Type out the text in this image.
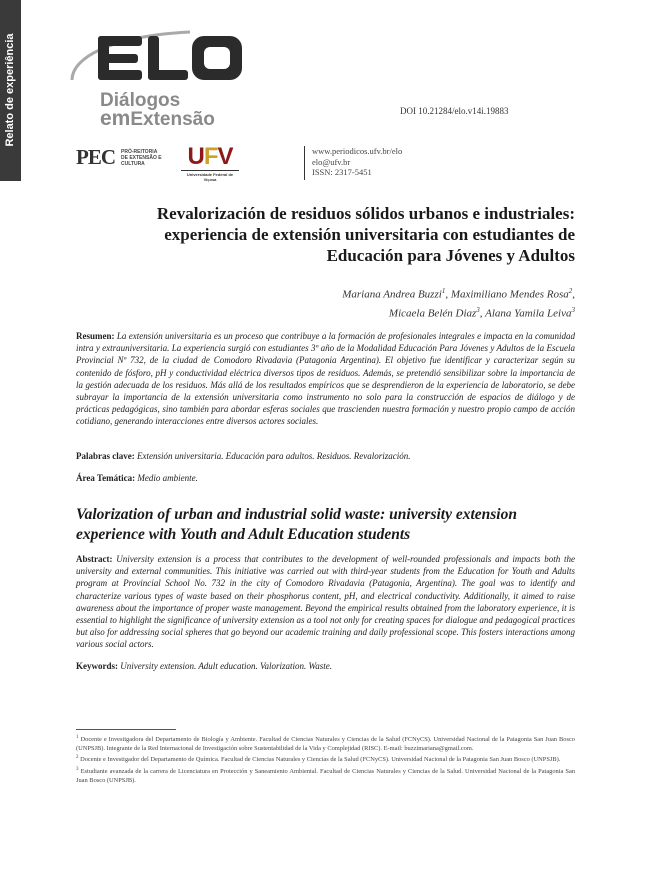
Relato de experiência	Diálogos
emExtensão	DOI 10.21284/elo.v14i.19883
PEC PRÓ-REITORIA DE EXTENSÃO E CULTURA	UFV
Universidade Federal de Viçosa
www.periodicos.ufv.br/elo
elo@ufv.br
ISSN: 2317-5451
Revalorización de residuos sólidos urbanos e industriales: experiencia de extensión universitaria con estudiantes de Educación para Jóvenes y Adultos
Mariana Andrea Buzzi$^1$, Maximiliano Mendes Rosa$^2$,
Micaela Belén Diaz$^3$, Alana Yamila Leiva$^3$
Resumen: La extensión universitaria es un proceso que contribuye a la formación de profesionales integrales e impacta en la comunidad intra y extrauniversitaria. La experiencia surgió con estudiantes 3º año de la Modalidad Educación Para Jóvenes y Adultos de la Escuela Provincial Nº 732, de la ciudad de Comodoro Rivadavia (Patagonia Argentina). El objetivo fue identificar y caracterizar según su contenido de fósforo, pH y conductividad eléctrica diversos tipos de residuos. Además, se pretendió sensibilizar sobre la importancia de la gestión adecuada de los residuos. Más allá de los resultados empíricos que se desprendieron de la experiencia de laboratorio, se debe subrayar la importancia de la extensión universitaria como instrumento no solo para la construcción de espacios de diálogo y de prácticas pedagógicas, sino también para abordar esferas sociales que trascienden nuestra formación y nuestro propio campo de acción cotidiano, generando interacciones entre diversos actores sociales.
Palabras clave: Extensión universitaria. Educación para adultos. Residuos. Revalorización.
Área Temática: Medio ambiente.
Valorization of urban and industrial solid waste: university extension experience with Youth and Adult Education students
Abstract: University extension is a process that contributes to the development of well-rounded professionals and impacts both the university and external communities. This initiative was carried out with third-year students from the Education for Youth and Adults program at Provincial School No. 732 in the city of Comodoro Rivadavia (Patagonia, Argentina). The goal was to identify and characterize various types of waste based on their phosphorus content, pH, and electrical conductivity. Additionally, it aimed to raise awareness about the importance of proper waste management. Beyond the empirical results obtained from the laboratory experience, it is essential to highlight the significance of university extension as a tool not only for creating spaces for dialogue and pedagogical practices but also for addressing social spheres that go beyond our academic training and daily professional scope. This fosters interactions among various social actors.
Keywords: University extension. Adult education. Valorization. Waste.

$^1$ Docente e Investigadora del Departamento de Biología y Ambiente. Facultad de Ciencias Naturales y Ciencias de la Salud (FCNyCS). Universidad Nacional de la Patagonia San Juan Bosco (UNPSJB). Integrante de la Red Internacional de Investigación sobre Sustentabilidad de la Vida y Complejidad (RISC). E-mail: buzzimariana@gmail.com.

$^2$ Docente e Investigador del Departamento de Química. Facultad de Ciencias Naturales y Ciencias de la Salud (FCNyCS). Universidad Nacional de la Patagonia San Juan Bosco (UNPSJB).

$^3$ Estudiante avanzada de la carrera de Licenciatura en Protección y Saneamiento Ambiental. Facultad de Ciencias Naturales y Ciencias de la Salud. Universidad Nacional de la Patagonia San Juan Bosco (UNPSJB).
